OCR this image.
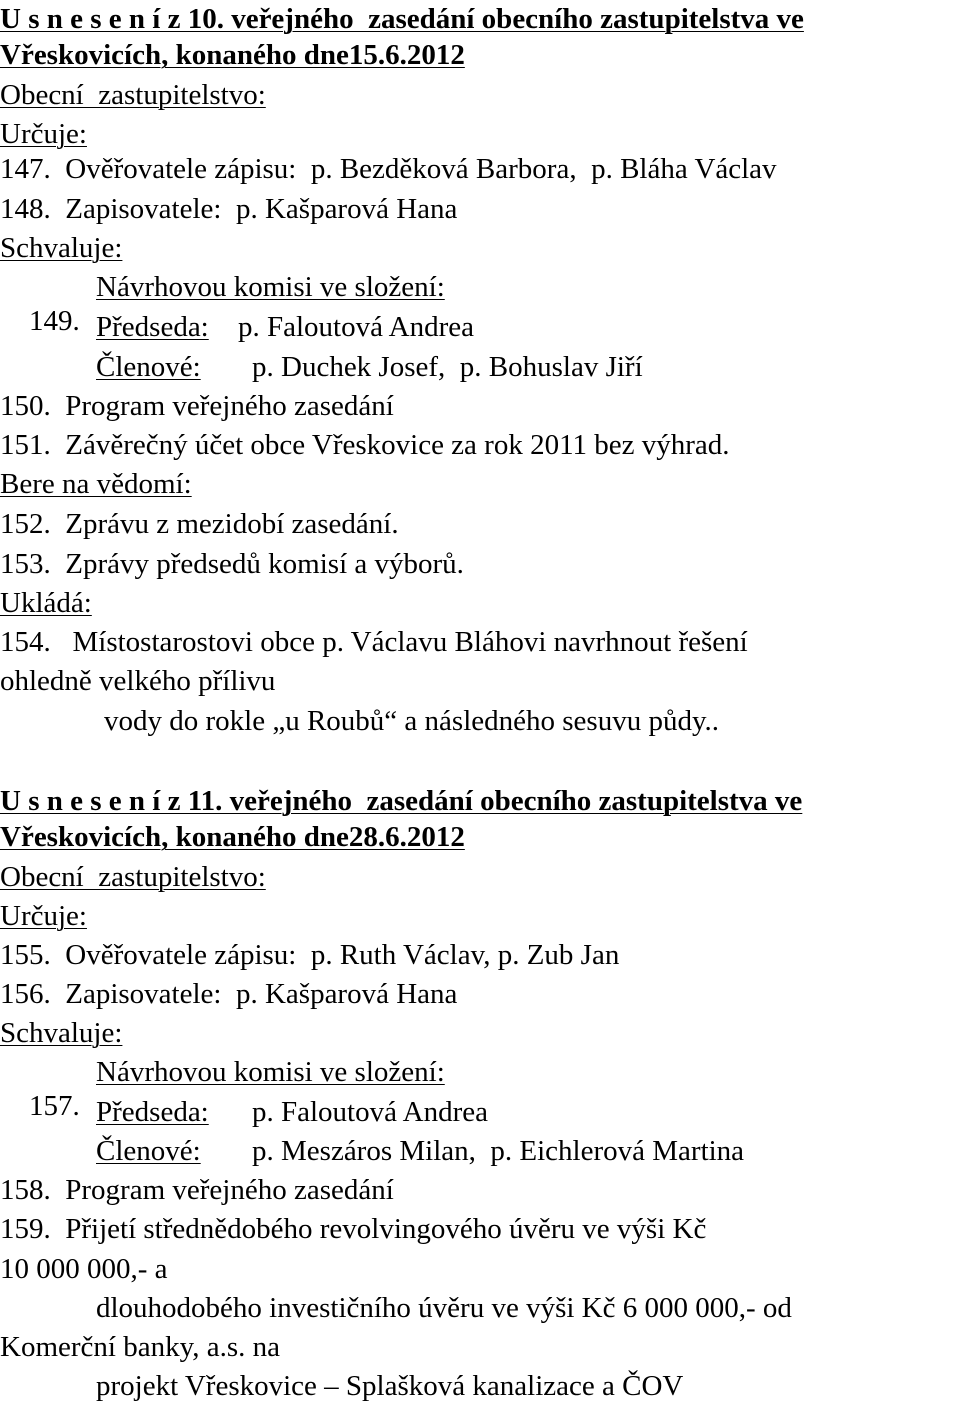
U s n e s e n í z 10. veřejného  zasedání obecního zastupitelstva ve
Vřeskovicích, konaného dne15.6.2012
Obecní  zastupitelstvo:
Určuje:
147.  Ověřovatele zápisu:  p. Bezděková Barbora,  p. Bláha Václav
148.  Zapisovatele:  p. Kašparová Hana
Schvaluje:

149.

Návrhovou komisi ve složení:

Předseda:

p. Faloutová Andrea

Členové:

p. Duchek Josef,  p. Bohuslav Jiří

150.  Program veřejného zasedání
151.  Závěrečný účet obce Vřeskovice za rok 2011 bez výhrad.
Bere na vědomí:
152.  Zprávu z mezidobí zasedání.
153.  Zprávy předsedů komisí a výborů.
Ukládá:
154.   Místostarostovi obce p. Václavu Bláhovi navrhnout řešení
ohledně velkého přílivu
vody do rokle „u Roubů“ a následného sesuvu půdy..
U s n e s e n í z 11. veřejného  zasedání obecního zastupitelstva ve
Vřeskovicích, konaného dne28.6.2012
Obecní  zastupitelstvo:
Určuje:
155.  Ověřovatele zápisu:  p. Ruth Václav, p. Zub Jan
156.  Zapisovatele:  p. Kašparová Hana
Schvaluje:

157.

Návrhovou komisi ve složení:

Předseda:

p. Faloutová Andrea

Členové:

p. Meszáros Milan,  p. Eichlerová Martina

158.  Program veřejného zasedání
159.  Přijetí střednědobého revolvingového úvěru ve výši Kč
10 000 000,- a
dlouhodobého investičního úvěru ve výši Kč 6 000 000,- od
Komerční banky, a.s. na
projekt Vřeskovice – Splašková kanalizace a ČOV
